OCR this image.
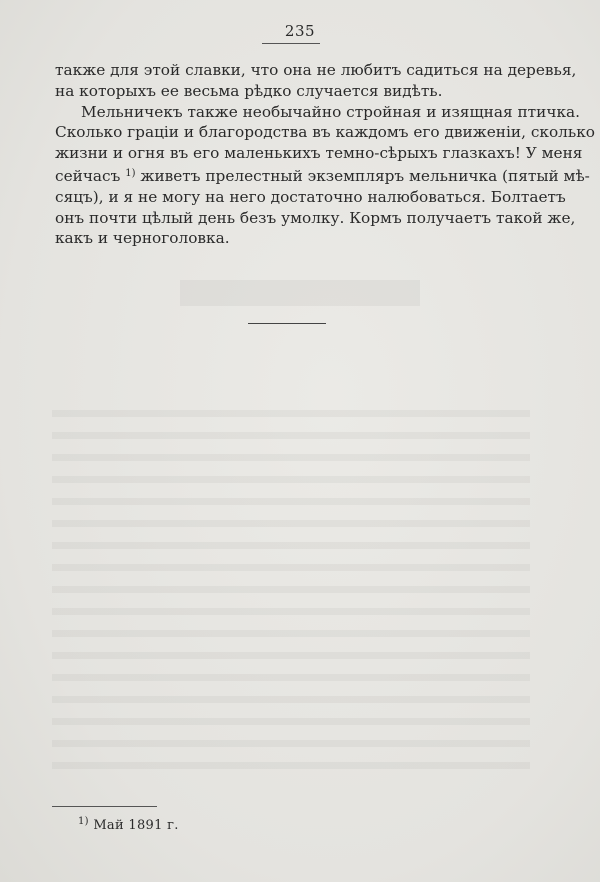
235
также для этой славки, что она не любитъ садиться на деревья,
на которыхъ ее весьма рѣдко случается видѣть.
Мельничекъ также необычайно стройная и изящная птичка.
Сколько граціи и благородства въ каждомъ его движеніи, сколько
жизни и огня въ его маленькихъ темно-сѣрыхъ глазкахъ! У меня
сейчасъ $^{1)}$ живетъ прелестный экземпляръ мельничка (пятый мѣ-
сяцъ), и я не могу на него достаточно налюбоваться. Болтаетъ
онъ почти цѣлый день безъ умолку. Кормъ получаетъ такой же,
какъ и черноголовка.
$^{1)}$ Май 1891 г.
